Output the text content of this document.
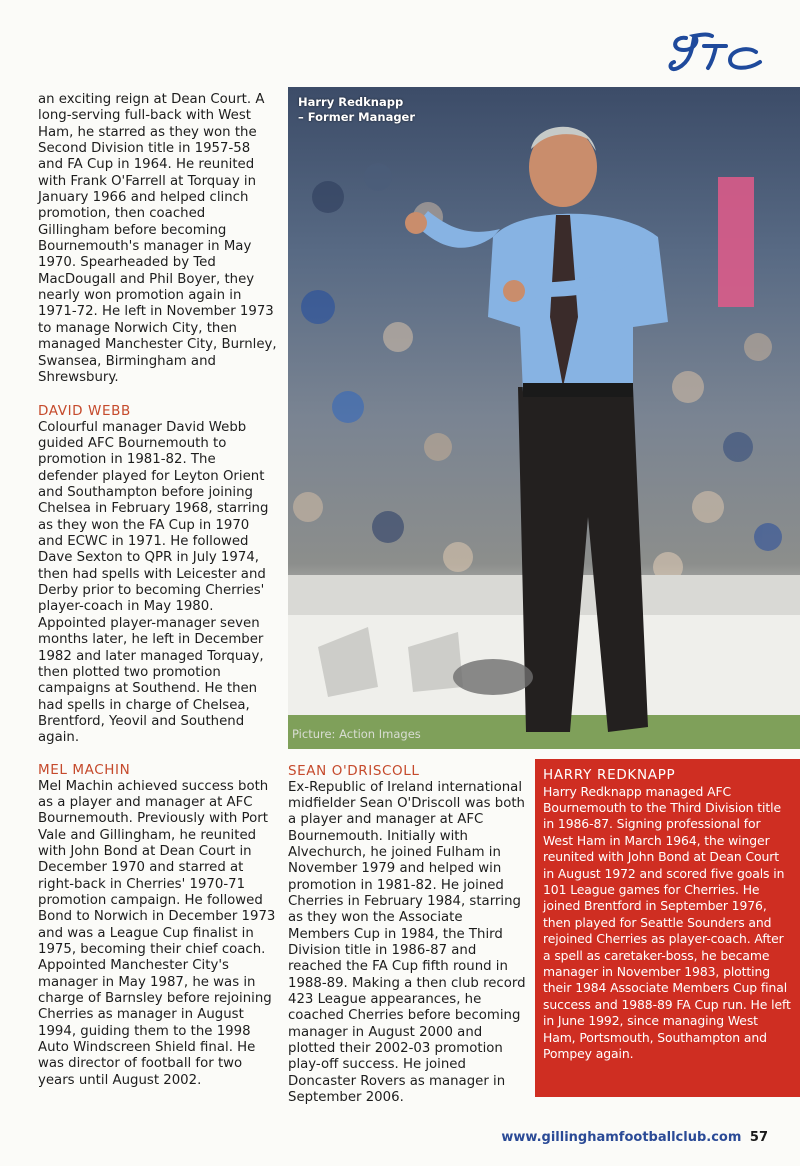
gfc

an exciting reign at Dean Court. A long-serving full-back with West Ham, he starred as they won the Second Division title in 1957-58 and FA Cup in 1964. He reunited with Frank O'Farrell at Torquay in January 1966 and helped clinch promotion, then coached Gillingham before becoming Bournemouth's manager in May 1970. Spearheaded by Ted MacDougall and Phil Boyer, they nearly won promotion again in 1971-72. He left in November 1973 to manage Norwich City, then managed Manchester City, Burnley, Swansea, Birmingham and Shrewsbury.

DAVID WEBB

Colourful manager David Webb guided AFC Bournemouth to promotion in 1981-82. The defender played for Leyton Orient and Southampton before joining Chelsea in February 1968, starring as they won the FA Cup in 1970 and ECWC in 1971. He followed Dave Sexton to QPR in July 1974, then had spells with Leicester and Derby prior to becoming Cherries' player-coach in May 1980. Appointed player-manager seven months later, he left in December 1982 and later managed Torquay, then plotted two promotion campaigns at Southend. He then had spells in charge of Chelsea, Brentford, Yeovil and Southend again.

Harry Redknapp
– Former Manager
Picture: Action Images

MEL MACHIN

Mel Machin achieved success both as a player and manager at AFC Bournemouth. Previously with Port Vale and Gillingham, he reunited with John Bond at Dean Court in December 1970 and starred at right-back in Cherries' 1970-71 promotion campaign. He followed Bond to Norwich in December 1973 and was a League Cup finalist in 1975, becoming their chief coach. Appointed Manchester City's manager in May 1987, he was in charge of Barnsley before rejoining Cherries as manager in August 1994, guiding them to the 1998 Auto Windscreen Shield final. He was director of football for two years until August 2002.

SEAN O'DRISCOLL

Ex-Republic of Ireland international midfielder Sean O'Driscoll was both a player and manager at AFC Bournemouth. Initially with Alvechurch, he joined Fulham in November 1979 and helped win promotion in 1981-82. He joined Cherries in February 1984, starring as they won the Associate Members Cup in 1984, the Third Division title in 1986-87 and reached the FA Cup fifth round in 1988-89. Making a then club record 423 League appearances, he coached Cherries before becoming manager in August 2000 and plotted their 2002-03 promotion play-off success. He joined Doncaster Rovers as manager in September 2006.

HARRY REDKNAPP

Harry Redknapp managed AFC Bournemouth to the Third Division title in 1986-87. Signing professional for West Ham in March 1964, the winger reunited with John Bond at Dean Court in August 1972 and scored five goals in 101 League games for Cherries. He joined Brentford in September 1976, then played for Seattle Sounders and rejoined Cherries as player-coach. After a spell as caretaker-boss, he became manager in November 1983, plotting their 1984 Associate Members Cup final success and 1988-89 FA Cup run. He left in June 1992, since managing West Ham, Portsmouth, Southampton and Pompey again.

www.gillinghamfootballclub.com 57
